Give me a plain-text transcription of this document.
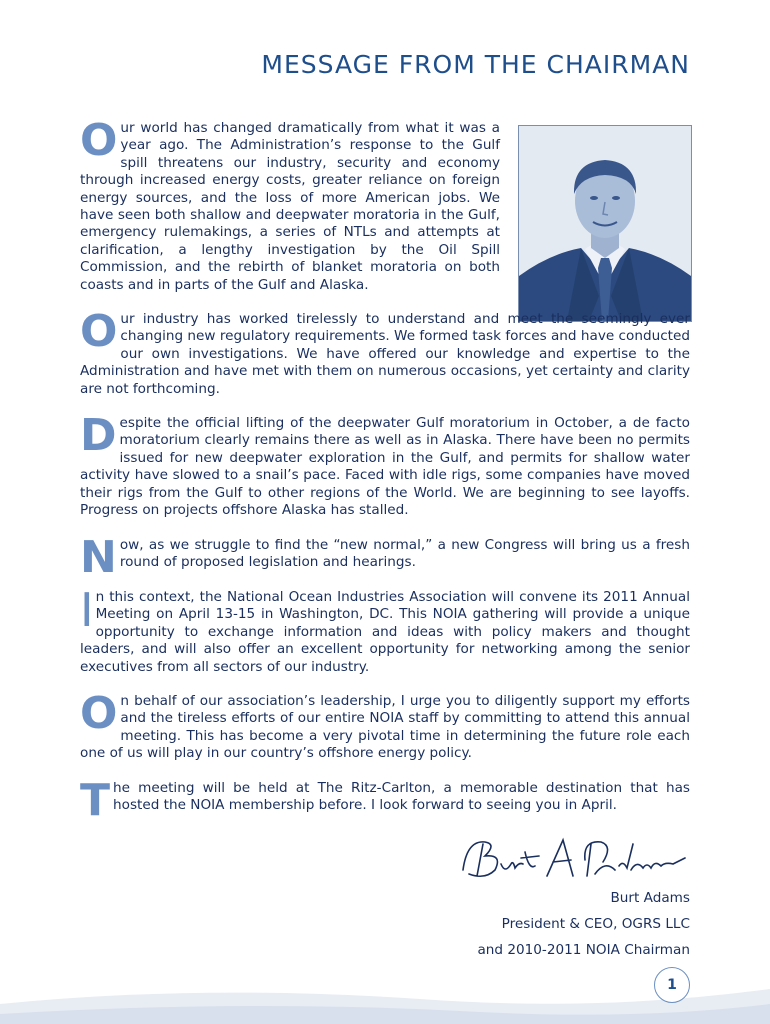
MESSAGE FROM THE CHAIRMAN
Our world has changed dramatically from what it was a year ago. The Administration’s response to the Gulf spill threatens our industry, security and economy through increased energy costs, greater reliance on foreign energy sources, and the loss of more American jobs. We have seen both shallow and deepwater moratoria in the Gulf, emergency rulemakings, a series of NTLs and attempts at clarification, a lengthy investigation by the Oil Spill Commission, and the rebirth of blanket moratoria on both coasts and in parts of the Gulf and Alaska.
Our industry has worked tirelessly to understand and meet the seemingly ever changing new regulatory requirements. We formed task forces and have conducted our own investigations. We have offered our knowledge and expertise to the Administration and have met with them on numerous occasions, yet certainty and clarity are not forthcoming.
Despite the official lifting of the deepwater Gulf moratorium in October, a de facto moratorium clearly remains there as well as in Alaska. There have been no permits issued for new deepwater exploration in the Gulf, and permits for shallow water activity have slowed to a snail’s pace. Faced with idle rigs, some companies have moved their rigs from the Gulf to other regions of the World. We are beginning to see layoffs. Progress on projects offshore Alaska has stalled.
Now, as we struggle to find the “new normal,” a new Congress will bring us a fresh round of proposed legislation and hearings.
In this context, the National Ocean Industries Association will convene its 2011 Annual Meeting on April 13-15 in Washington, DC. This NOIA gathering will provide a unique opportunity to exchange information and ideas with policy makers and thought leaders, and will also offer an excellent opportunity for networking among the senior executives from all sectors of our industry.
On behalf of our association’s leadership, I urge you to diligently support my efforts and the tireless efforts of our entire NOIA staff by committing to attend this annual meeting. This has become a very pivotal time in determining the future role each one of us will play in our country’s offshore energy policy.
The meeting will be held at The Ritz-Carlton, a memorable destination that has hosted the NOIA membership before. I look forward to seeing you in April.
Burt Adams
President & CEO, OGRS LLC
and 2010-2011 NOIA Chairman
1
